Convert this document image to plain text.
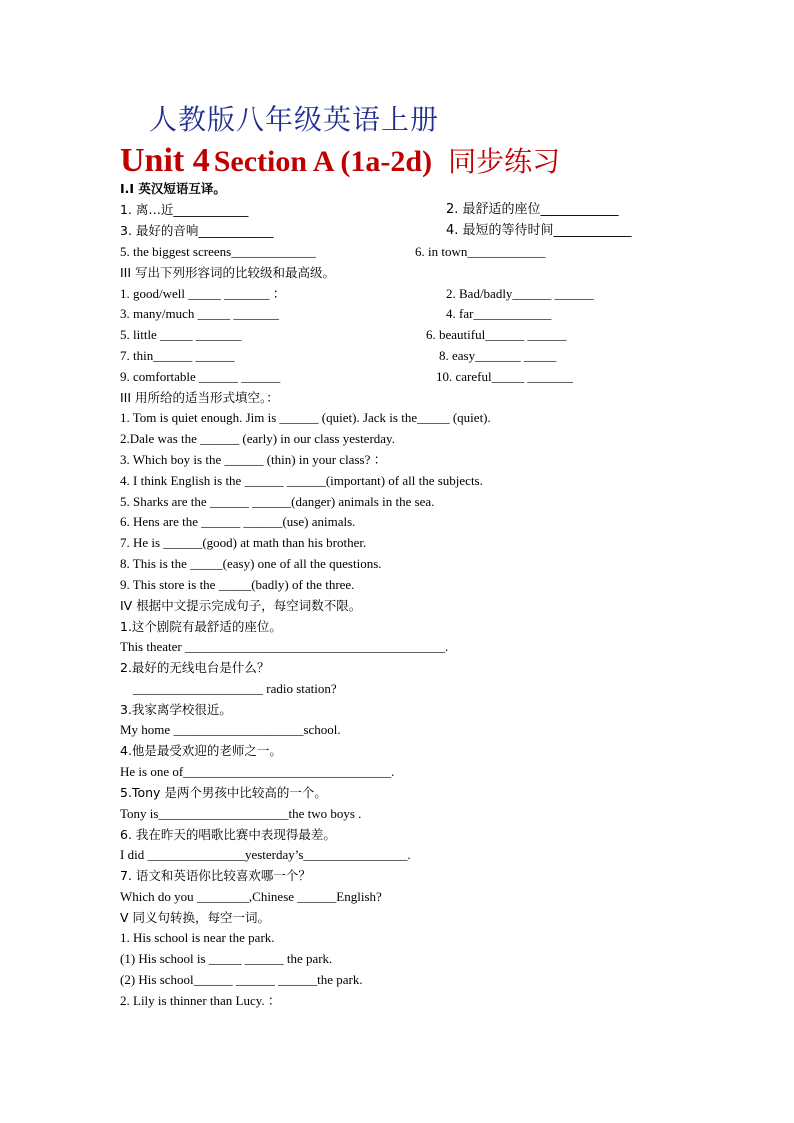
人教版八年级英语上册
Unit 4 Section A (1a-2d) 同步练习
I.I 英汉短语互译。
1. 离…近____________	2. 最舒适的座位____________
3. 最好的音响____________	4. 最短的等待时间____________
5. the biggest screens_____________	6. in town____________
III 写出下列形容词的比较级和最高级。
1. good/well _____ _______ ：	2. Bad/badly______ ______
3. many/much _____ _______	4. far____________
5. little _____ _______	6. beautiful______ ______
7. thin______ ______	8. easy_______ _____
9. comfortable ______ ______	10. careful_____ _______
III 用所给的适当形式填空。：
1. Tom is quiet enough. Jim is ______ (quiet). Jack is the_____ (quiet).
2.Dale was the ______ (early) in our class yesterday.
3. Which boy is the ______ (thin) in your class? ：
4. I think English is the ______ ______(important) of all the subjects.
5. Sharks are the ______ ______(danger) animals in the sea.
6. Hens are the ______ ______(use) animals.
7. He is ______(good) at math than his brother.
8. This is the _____(easy) one of all the questions.
9. This store is the _____(badly) of the three.
IV 根据中文提示完成句子，每空词数不限。
1.这个剧院有最舒适的座位。
This theater ________________________________________.
2.最好的无线电台是什么？
____________________ radio station?
3.我家离学校很近。
My home ____________________school.
4.他是最受欢迎的老师之一。
He is one of________________________________.
5.Tony 是两个男孩中比较高的一个。
Tony is____________________the two boys .
6. 我在昨天的唱歌比赛中表现得最差。
I did _______________yesterday’s________________.
7. 语文和英语你比较喜欢哪一个？
Which do you ________,Chinese ______English?
V 同义句转换，每空一词。
1. His school is near the park.
(1) His school is _____ ______ the park.
(2) His school______ ______ ______the park.
2. Lily is thinner than Lucy. ：
